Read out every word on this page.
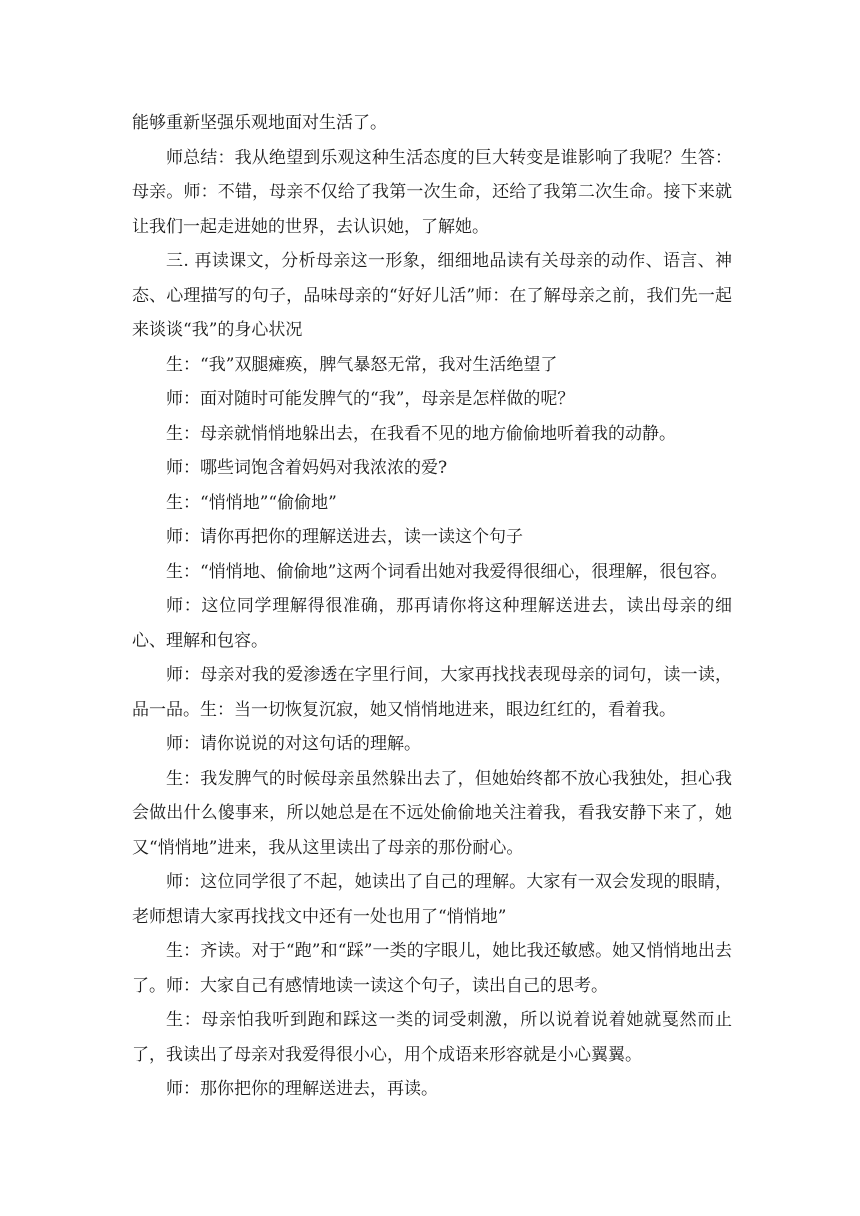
能够重新坚强乐观地面对生活了。

师总结：我从绝望到乐观这种生活态度的巨大转变是谁影响了我呢？生答：母亲。师：不错，母亲不仅给了我第一次生命，还给了我第二次生命。接下来就让我们一起走进她的世界，去认识她，了解她。

三. 再读课文，分析母亲这一形象，细细地品读有关母亲的动作、语言、神态、心理描写的句子，品味母亲的“好好儿活”师：在了解母亲之前，我们先一起来谈谈“我”的身心状况

生：“我”双腿瘫痪，脾气暴怒无常，我对生活绝望了

师：面对随时可能发脾气的“我”，母亲是怎样做的呢？

生：母亲就悄悄地躲出去，在我看不见的地方偷偷地听着我的动静。

师：哪些词饱含着妈妈对我浓浓的爱?

生：“悄悄地”“偷偷地”

师：请你再把你的理解送进去，读一读这个句子

生：“悄悄地、偷偷地”这两个词看出她对我爱得很细心，很理解，很包容。

师：这位同学理解得很准确，那再请你将这种理解送进去，读出母亲的细心、理解和包容。

师：母亲对我的爱渗透在字里行间，大家再找找表现母亲的词句，读一读，品一品。生：当一切恢复沉寂，她又悄悄地进来，眼边红红的，看着我。

师：请你说说的对这句话的理解。

生：我发脾气的时候母亲虽然躲出去了，但她始终都不放心我独处，担心我会做出什么傻事来，所以她总是在不远处偷偷地关注着我，看我安静下来了，她又“悄悄地”进来，我从这里读出了母亲的那份耐心。

师：这位同学很了不起，她读出了自己的理解。大家有一双会发现的眼睛，老师想请大家再找找文中还有一处也用了“悄悄地”

生：齐读。对于“跑”和“踩”一类的字眼儿，她比我还敏感。她又悄悄地出去了。师：大家自己有感情地读一读这个句子，读出自己的思考。

生：母亲怕我听到跑和踩这一类的词受刺激，所以说着说着她就戛然而止了，我读出了母亲对我爱得很小心，用个成语来形容就是小心翼翼。

师：那你把你的理解送进去，再读。
